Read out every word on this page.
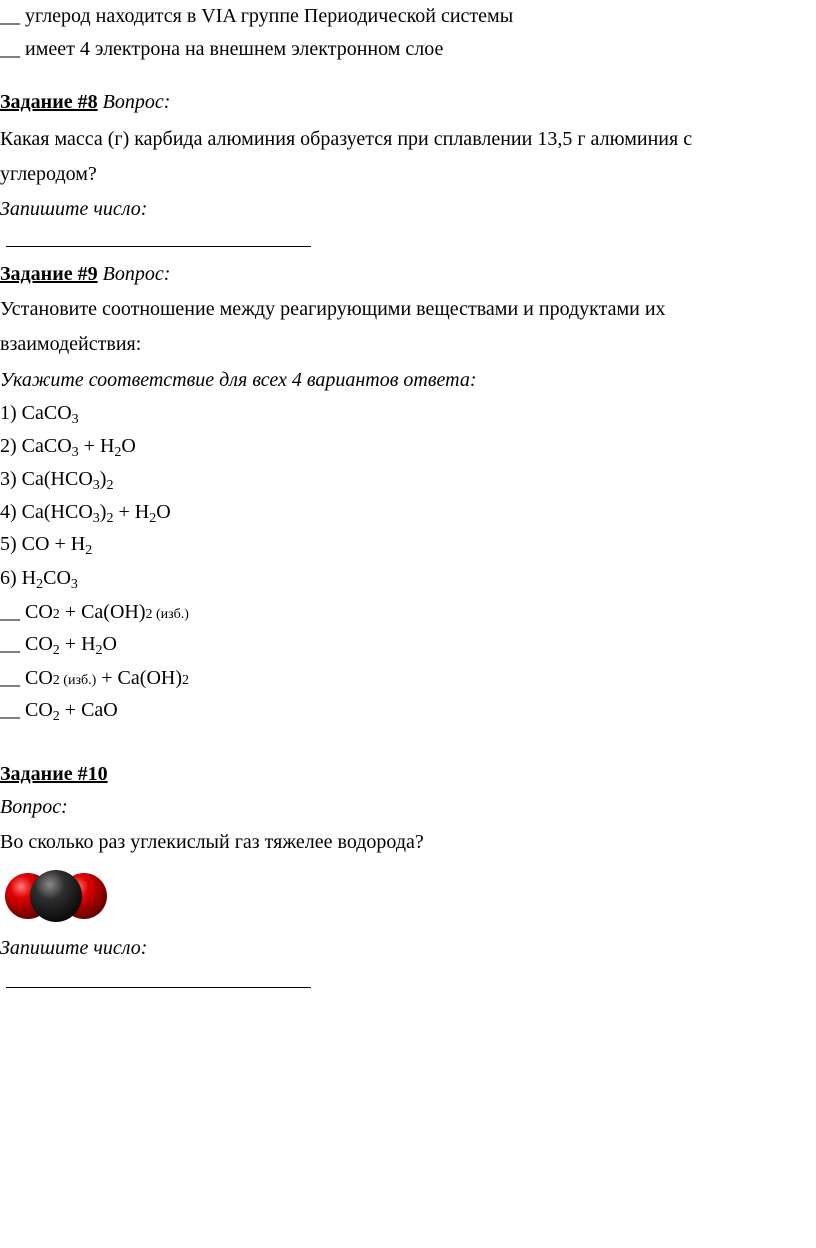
__ углерод находится в VIA группе Периодической системы
__ имеет 4 электрона на внешнем электронном слое
Задание #8 Вопрос:
Какая масса (г) карбида алюминия образуется при сплавлении 13,5 г алюминия с
углеродом?
Запишите число:
Задание #9 Вопрос:
Установите соотношение между реагирующими веществами и продуктами их
взаимодействия:
Укажите соответствие для всех 4 вариантов ответа:
1) CaCO$_3$
2) CaCO$_3$ + $H_2O$
3) $Ca(HCO_3)_2$
4) $Ca(HCO_3)_2 + H_2O$
5) CO + $H_2$
6) $H_2CO_3$
__ CO2 + Ca(OH)2 (изб.)
__ $CO_2 + H_2O$
__ CO2 (изб.) + Ca(OH)2
__ $CO_2$ + CaO
Задание #10
Вопрос:
Во сколько раз углекислый газ тяжелее водорода?
Запишите число:
